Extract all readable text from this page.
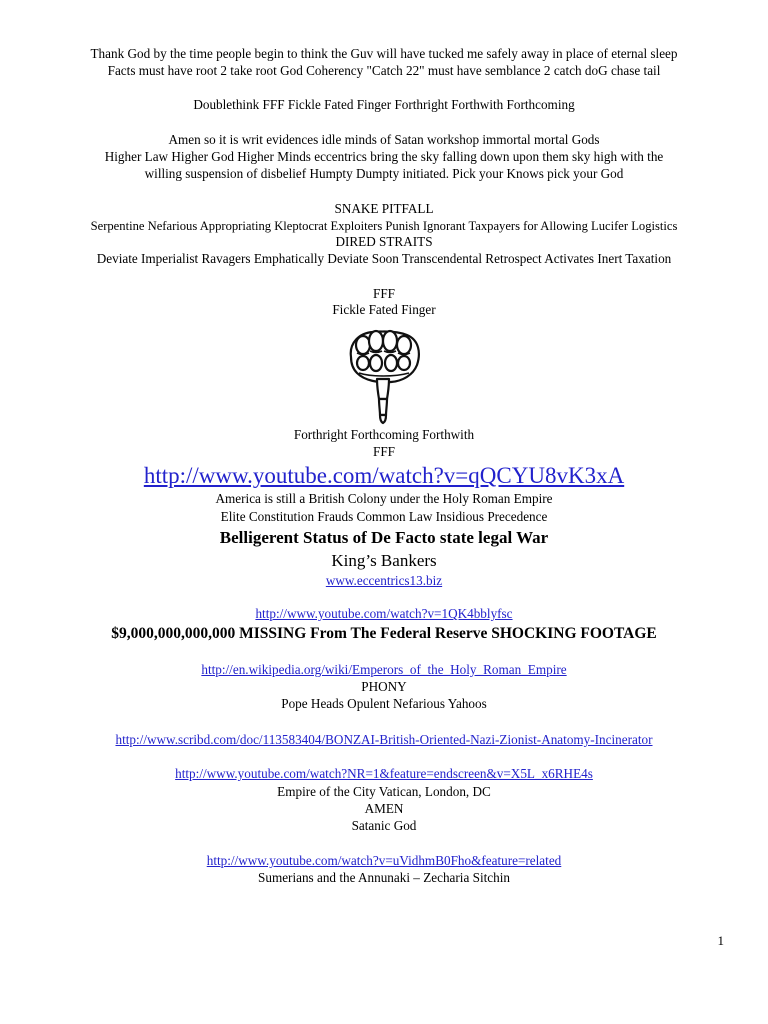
Thank God by the time people begin to think the Guv will have tucked me safely away in place of eternal sleep
Facts must have root 2 take root God Coherency "Catch 22" must have semblance 2 catch doG chase tail
Doublethink FFF Fickle Fated Finger Forthright Forthwith Forthcoming
Amen so it is writ evidences idle minds of Satan workshop immortal mortal Gods
Higher Law Higher God Higher Minds eccentrics bring the sky falling down upon them sky high with the
willing suspension of disbelief Humpty Dumpty initiated. Pick your Knows pick your God
SNAKE PITFALL
Serpentine Nefarious Appropriating Kleptocrat Exploiters Punish Ignorant Taxpayers for Allowing Lucifer Logistics
DIRED STRAITS
Deviate Imperialist Ravagers Emphatically Deviate Soon Transcendental Retrospect Activates Inert Taxation
FFF
Fickle Fated Finger
Forthright Forthcoming Forthwith
FFF
http://www.youtube.com/watch?v=qQCYU8vK3xA
America is still a British Colony under the Holy Roman Empire
Elite Constitution Frauds Common Law Insidious Precedence
Belligerent Status of De Facto state legal War
King’s Bankers
www.eccentrics13.biz
http://www.youtube.com/watch?v=1QK4bblyfsc
$9,000,000,000,000 MISSING From The Federal Reserve SHOCKING FOOTAGE
http://en.wikipedia.org/wiki/Emperors_of_the_Holy_Roman_Empire
PHONY
Pope Heads Opulent Nefarious Yahoos
http://www.scribd.com/doc/113583404/BONZAI-British-Oriented-Nazi-Zionist-Anatomy-Incinerator
http://www.youtube.com/watch?NR=1&feature=endscreen&v=X5L_x6RHE4s
Empire of the City Vatican, London, DC
AMEN
Satanic God
http://www.youtube.com/watch?v=uVidhmB0Fho&feature=related
Sumerians and the Annunaki – Zecharia Sitchin
1
